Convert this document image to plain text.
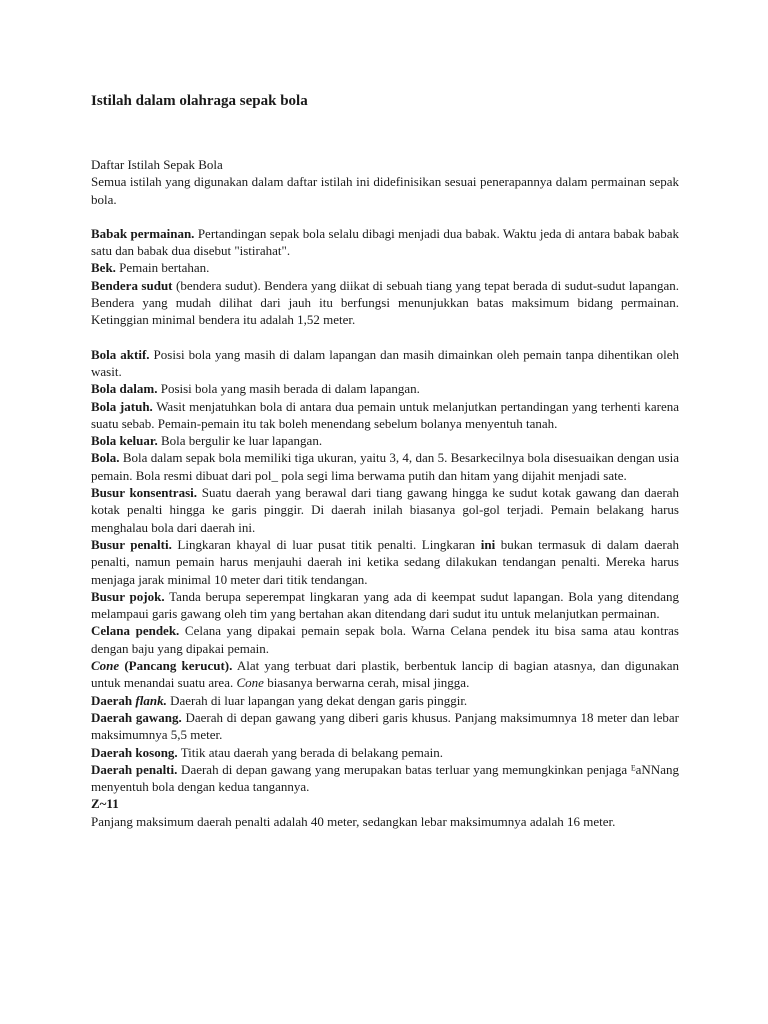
Istilah dalam olahraga sepak bola

Daftar Istilah Sepak Bola

Semua istilah yang digunakan dalam daftar istilah ini didefinisikan sesuai penerapannya dalam permainan sepak bola.

Babak permainan. Pertandingan sepak bola selalu dibagi menjadi dua babak. Waktu jeda di antara babak babak satu dan babak dua disebut "istirahat".

Bek. Pemain bertahan.

Bendera sudut (bendera sudut). Bendera yang diikat di sebuah tiang yang tepat berada di sudut-sudut lapangan. Bendera yang mudah dilihat dari jauh itu berfungsi menunjukkan batas maksimum bidang permainan. Ketinggian minimal bendera itu adalah 1,52 meter.

Bola aktif. Posisi bola yang masih di dalam lapangan dan masih dimainkan oleh pemain tanpa dihentikan oleh wasit.

Bola dalam. Posisi bola yang masih berada di dalam lapangan.

Bola jatuh. Wasit menjatuhkan bola di antara dua pemain untuk melanjutkan pertandingan yang terhenti karena suatu sebab. Pemain-pemain itu tak boleh menendang sebelum bolanya menyentuh tanah.

Bola keluar. Bola bergulir ke luar lapangan.

Bola. Bola dalam sepak bola memiliki tiga ukuran, yaitu 3, 4, dan 5. Besarkecilnya bola disesuaikan dengan usia pemain. Bola resmi dibuat dari pol_ pola segi lima berwama putih dan hitam yang dijahit menjadi sate.

Busur konsentrasi. Suatu daerah yang berawal dari tiang gawang hingga ke sudut kotak gawang dan daerah kotak penalti hingga ke garis pinggir. Di daerah inilah biasanya gol-gol terjadi. Pemain belakang harus menghalau bola dari daerah ini.

Busur penalti. Lingkaran khayal di luar pusat titik penalti. Lingkaran ini bukan termasuk di dalam daerah penalti, namun pemain harus menjauhi daerah ini ketika sedang dilakukan tendangan penalti. Mereka harus menjaga jarak minimal 10 meter dari titik tendangan.

Busur pojok. Tanda berupa seperempat lingkaran yang ada di keempat sudut lapangan. Bola yang ditendang melampaui garis gawang oleh tim yang bertahan akan ditendang dari sudut itu untuk melanjutkan permainan.

Celana pendek. Celana yang dipakai pemain sepak bola. Warna Celana pendek itu bisa sama atau kontras dengan baju yang dipakai pemain.

Cone (Pancang kerucut). Alat yang terbuat dari plastik, berbentuk lancip di bagian atasnya, dan digunakan untuk menandai suatu area. Cone biasanya berwarna cerah, misal jingga.

Daerah flank. Daerah di luar lapangan yang dekat dengan garis pinggir.

Daerah gawang. Daerah di depan gawang yang diberi garis khusus. Panjang maksimumnya 18 meter dan lebar maksimumnya 5,5 meter.

Daerah kosong. Titik atau daerah yang berada di belakang pemain.

Daerah penalti. Daerah di depan gawang yang merupakan batas terluar yang memungkinkan penjaga ᴱaNNang menyentuh bola dengan kedua tangannya.

Z~11

Panjang maksimum daerah penalti adalah 40 meter, sedangkan lebar maksimumnya adalah 16 meter.
